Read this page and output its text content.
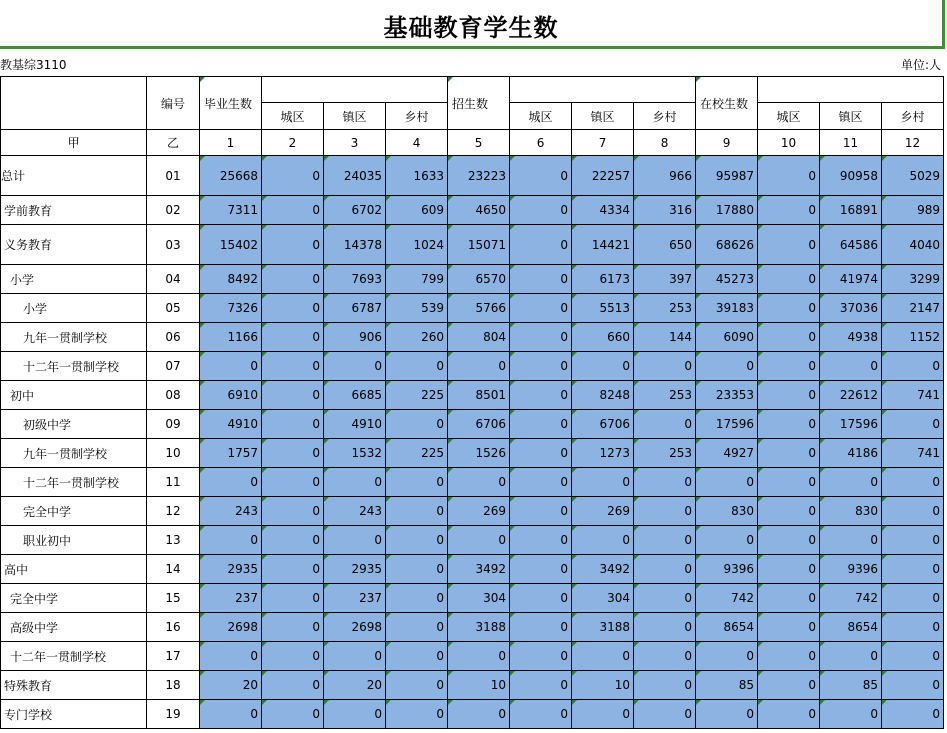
基础教育学生数
教基综3110	单位:人
	编号	毕业生数				招生数				在校生数			
			城区	镇区	乡村		城区	镇区	乡村		城区	镇区	乡村
甲	乙	1	2	3	4	5	6	7	8	9	10	11	12
总计	01	25668	0	24035	1633	23223	0	22257	966	95987	0	90958	5029
学前教育	02	7311	0	6702	609	4650	0	4334	316	17880	0	16891	989
义务教育	03	15402	0	14378	1024	15071	0	14421	650	68626	0	64586	4040
小学	04	8492	0	7693	799	6570	0	6173	397	45273	0	41974	3299
小学	05	7326	0	6787	539	5766	0	5513	253	39183	0	37036	2147
九年一贯制学校	06	1166	0	906	260	804	0	660	144	6090	0	4938	1152
十二年一贯制学校	07	0	0	0	0	0	0	0	0	0	0	0	0
初中	08	6910	0	6685	225	8501	0	8248	253	23353	0	22612	741
初级中学	09	4910	0	4910	0	6706	0	6706	0	17596	0	17596	0
九年一贯制学校	10	1757	0	1532	225	1526	0	1273	253	4927	0	4186	741
十二年一贯制学校	11	0	0	0	0	0	0	0	0	0	0	0	0
完全中学	12	243	0	243	0	269	0	269	0	830	0	830	0
职业初中	13	0	0	0	0	0	0	0	0	0	0	0	0
高中	14	2935	0	2935	0	3492	0	3492	0	9396	0	9396	0
完全中学	15	237	0	237	0	304	0	304	0	742	0	742	0
高级中学	16	2698	0	2698	0	3188	0	3188	0	8654	0	8654	0
十二年一贯制学校	17	0	0	0	0	0	0	0	0	0	0	0	0
特殊教育	18	20	0	20	0	10	0	10	0	85	0	85	0
专门学校	19	0	0	0	0	0	0	0	0	0	0	0	0
